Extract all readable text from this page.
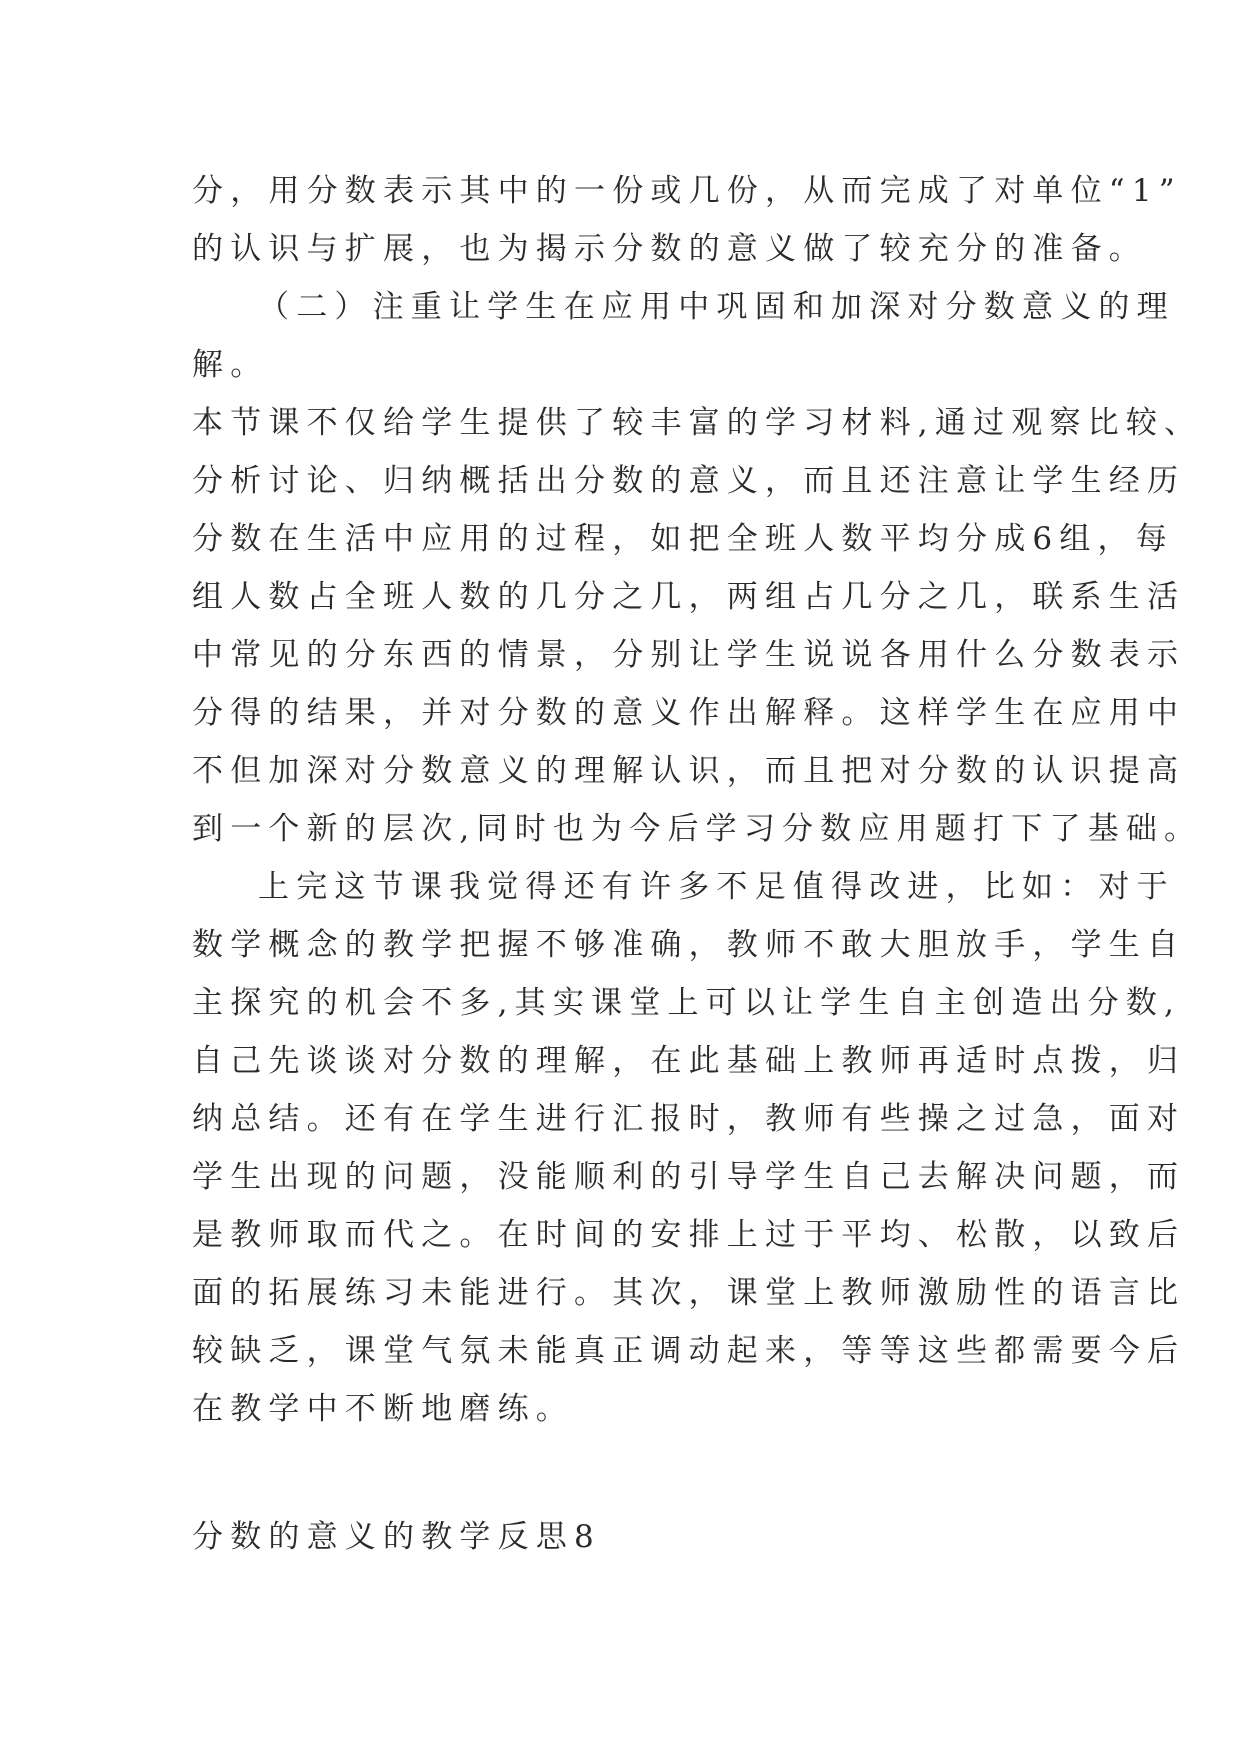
分，用分数表示其中的一份或几份，从而完成了对单位“1”
的认识与扩展，也为揭示分数的意义做了较充分的准备。
（二）注重让学生在应用中巩固和加深对分数意义的理
解。
本节课不仅给学生提供了较丰富的学习材料,通过观察比较、
分析讨论、归纳概括出分数的意义，而且还注意让学生经历
分数在生活中应用的过程，如把全班人数平均分成6组，每
组人数占全班人数的几分之几，两组占几分之几，联系生活
中常见的分东西的情景，分别让学生说说各用什么分数表示
分得的结果，并对分数的意义作出解释。这样学生在应用中
不但加深对分数意义的理解认识，而且把对分数的认识提高
到一个新的层次,同时也为今后学习分数应用题打下了基础。
上完这节课我觉得还有许多不足值得改进，比如：对于
数学概念的教学把握不够准确，教师不敢大胆放手，学生自
主探究的机会不多,其实课堂上可以让学生自主创造出分数,
自己先谈谈对分数的理解，在此基础上教师再适时点拨，归
纳总结。还有在学生进行汇报时，教师有些操之过急，面对
学生出现的问题，没能顺利的引导学生自己去解决问题，而
是教师取而代之。在时间的安排上过于平均、松散，以致后
面的拓展练习未能进行。其次，课堂上教师激励性的语言比
较缺乏，课堂气氛未能真正调动起来，等等这些都需要今后
在教学中不断地磨练。
分数的意义的教学反思8
